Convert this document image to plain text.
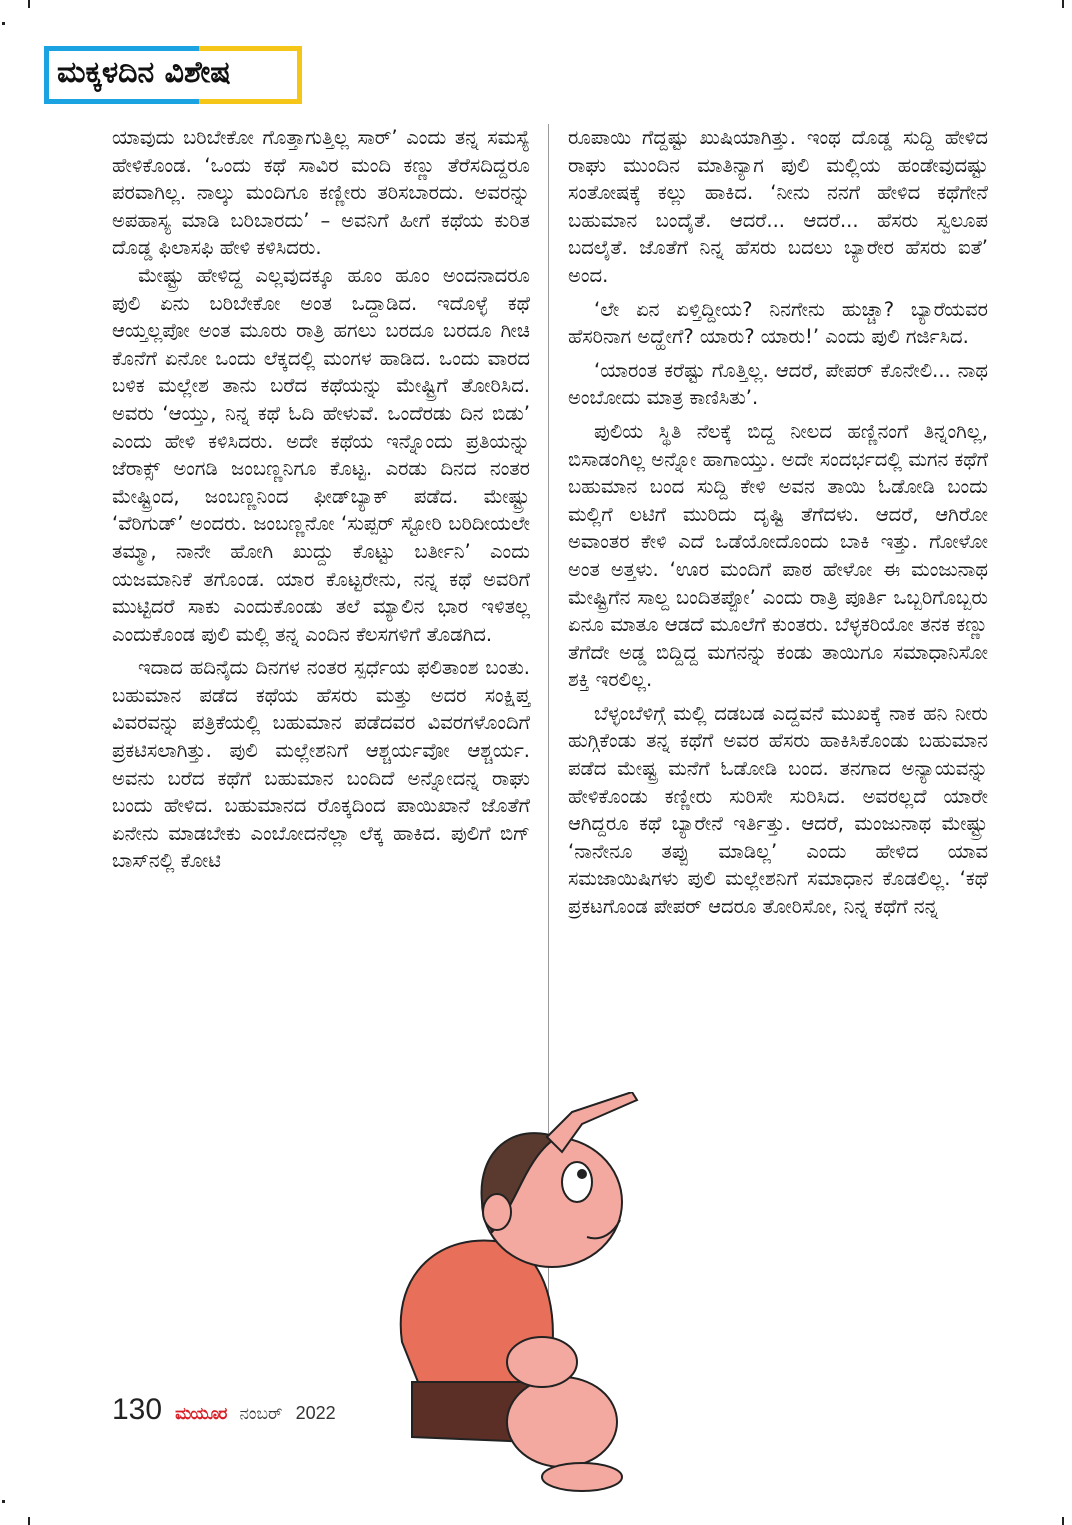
ಮಕ್ಕಳದಿನ ವಿಶೇಷ

ಯಾವುದು ಬರಿಬೇಕೋ ಗೊತ್ತಾಗುತ್ತಿಲ್ಲ ಸಾರ್’ ಎಂದು ತನ್ನ ಸಮಸ್ಯೆ ಹೇಳಿಕೊಂಡ. ‘ಒಂದು ಕಥೆ ಸಾವಿರ ಮಂದಿ ಕಣ್ಣು ತೆರೆಸದಿದ್ದರೂ ಪರವಾಗಿಲ್ಲ. ನಾಲ್ಕು ಮಂದಿಗೂ ಕಣ್ಣೀರು ತರಿಸಬಾರದು. ಅವರನ್ನು ಅಪಹಾಸ್ಯ ಮಾಡಿ ಬರಿಬಾರದು’ – ಅವನಿಗೆ ಹೀಗೆ ಕಥೆಯ ಕುರಿತ ದೊಡ್ಡ ಫಿಲಾಸಫಿ ಹೇಳಿ ಕಳಿಸಿದರು.

ಮೇಷ್ಟ್ರು ಹೇಳಿದ್ದ ಎಲ್ಲವುದಕ್ಕೂ ಹೂಂ ಹೂಂ ಅಂದನಾದರೂ ಪುಲಿ ಏನು ಬರಿಬೇಕೋ ಅಂತ ಒದ್ದಾಡಿದ. ಇದೊಳ್ಳೆ ಕಥೆ ಆಯ್ತಲ್ಲಪೋ ಅಂತ ಮೂರು ರಾತ್ರಿ ಹಗಲು ಬರದೂ ಬರದೂ ಗೀಚಿ ಕೊನೆಗೆ ಏನೋ ಒಂದು ಲೆಕ್ಕದಲ್ಲಿ ಮಂಗಳ ಹಾಡಿದ. ಒಂದು ವಾರದ ಬಳಿಕ ಮಲ್ಲೇಶ ತಾನು ಬರೆದ ಕಥೆಯನ್ನು ಮೇಷ್ಟ್ರಿಗೆ ತೋರಿಸಿದ. ಅವರು ‘ಆಯ್ತು, ನಿನ್ನ ಕಥೆ ಓದಿ ಹೇಳುವೆ. ಒಂದೆರಡು ದಿನ ಬಿಡು’ ಎಂದು ಹೇಳಿ ಕಳಿಸಿದರು. ಅದೇ ಕಥೆಯ ಇನ್ನೊಂದು ಪ್ರತಿಯನ್ನು ಜೆರಾಕ್ಸ್ ಅಂಗಡಿ ಜಂಬಣ್ಣನಿಗೂ ಕೊಟ್ಟ. ಎರಡು ದಿನದ ನಂತರ ಮೇಷ್ಟ್ರಿಂದ, ಜಂಬಣ್ಣನಿಂದ ಫೀಡ್‌ಬ್ಯಾಕ್ ಪಡೆದ. ಮೇಷ್ಟ್ರು ‘ವೆರಿಗುಡ್’ ಅಂದರು. ಜಂಬಣ್ಣನೋ ‘ಸುಪ್ಪರ್ ಸ್ಟೋರಿ ಬರಿದೀಯಲೇ ತಮ್ಮಾ, ನಾನೇ ಹೋಗಿ ಖುದ್ದು ಕೊಟ್ಟು ಬರ್ತೀನಿ’ ಎಂದು ಯಜಮಾನಿಕೆ ತಗೊಂಡ. ಯಾರ ಕೊಟ್ಟರೇನು, ನನ್ನ ಕಥೆ ಅವರಿಗೆ ಮುಟ್ಟಿದರೆ ಸಾಕು ಎಂದುಕೊಂಡು ತಲೆ ಮ್ಯಾಲಿನ ಭಾರ ಇಳಿತಲ್ಲ ಎಂದುಕೊಂಡ ಪುಲಿ ಮಲ್ಲಿ ತನ್ನ ಎಂದಿನ ಕೆಲಸಗಳಿಗೆ ತೊಡಗಿದ.

ಇದಾದ ಹದಿನೈದು ದಿನಗಳ ನಂತರ ಸ್ಪರ್ಧೆಯ ಫಲಿತಾಂಶ ಬಂತು. ಬಹುಮಾನ ಪಡೆದ ಕಥೆಯ ಹೆಸರು ಮತ್ತು ಅದರ ಸಂಕ್ಷಿಪ್ತ ವಿವರವನ್ನು ಪತ್ರಿಕೆಯಲ್ಲಿ ಬಹುಮಾನ ಪಡೆದವರ ವಿವರಗಳೊಂದಿಗೆ ಪ್ರಕಟಿಸಲಾಗಿತ್ತು. ಪುಲಿ ಮಲ್ಲೇಶನಿಗೆ ಆಶ್ಚರ್ಯವೋ ಆಶ್ಚರ್ಯ. ಅವನು ಬರೆದ ಕಥೆಗೆ ಬಹುಮಾನ ಬಂದಿದೆ ಅನ್ನೋದನ್ನ ರಾಘು ಬಂದು ಹೇಳಿದ. ಬಹುಮಾನದ ರೊಕ್ಕದಿಂದ ಪಾಯಿಖಾನೆ ಜೊತೆಗೆ ಏನೇನು ಮಾಡಬೇಕು ಎಂಬೋದನೆಲ್ಲಾ ಲೆಕ್ಕ ಹಾಕಿದ. ಪುಲಿಗೆ ಬಿಗ್ ಬಾಸ್‌ನಲ್ಲಿ ಕೋಟಿ

ರೂಪಾಯಿ ಗೆದ್ದಷ್ಟು ಖುಷಿಯಾಗಿತ್ತು. ಇಂಥ ದೊಡ್ಡ ಸುದ್ದಿ ಹೇಳಿದ ರಾಘು ಮುಂದಿನ ಮಾತಿನ್ಯಾಗ ಪುಲಿ ಮಲ್ಲಿಯ ಹಂಡೇವುದಷ್ಟು ಸಂತೋಷಕ್ಕೆ ಕಲ್ಲು ಹಾಕಿದ. ‘ನೀನು ನನಗೆ ಹೇಳಿದ ಕಥೆಗೇನೆ ಬಹುಮಾನ ಬಂದೈತೆ. ಆದರೆ... ಆದರೆ... ಹೆಸರು ಸ್ವಲೂಪ ಬದಲೈತೆ. ಜೊತೆಗೆ ನಿನ್ನ ಹೆಸರು ಬದಲು ಬ್ಯಾರೇರ ಹೆಸರು ಐತೆ’ ಅಂದ.

‘ಲೇ ಏನ ಏಳ್ತಿದ್ದೀಯ? ನಿನಗೇನು ಹುಚ್ಚಾ? ಬ್ಯಾರೆಯವರ ಹೆಸರಿನಾಗ ಅದ್ಹೇಗೆ? ಯಾರು? ಯಾರು!’ ಎಂದು ಪುಲಿ ಗರ್ಜಿಸಿದ.

‘ಯಾರಂತ ಕರೆಷ್ಟು ಗೊತ್ತಿಲ್ಲ. ಆದರೆ, ಪೇಪರ್ ಕೊನೇಲಿ... ನಾಥ ಅಂಬೋದು ಮಾತ್ರ ಕಾಣಿಸಿತು’.

ಪುಲಿಯ ಸ್ಥಿತಿ ನೆಲಕ್ಕೆ ಬಿದ್ದ ನೀಲದ ಹಣ್ಣಿನಂಗೆ ತಿನ್ನಂಗಿಲ್ಲ, ಬಿಸಾಡಂಗಿಲ್ಲ ಅನ್ನೋ ಹಾಗಾಯ್ತು. ಅದೇ ಸಂದರ್ಭದಲ್ಲಿ ಮಗನ ಕಥೆಗೆ ಬಹುಮಾನ ಬಂದ ಸುದ್ದಿ ಕೇಳಿ ಅವನ ತಾಯಿ ಓಡೋಡಿ ಬಂದು ಮಲ್ಲಿಗೆ ಲಟಿಗೆ ಮುರಿದು ದೃಷ್ಟಿ ತೆಗೆದಳು. ಆದರೆ, ಆಗಿರೋ ಅವಾಂತರ ಕೇಳಿ ಎದೆ ಒಡೆಯೋದೊಂದು ಬಾಕಿ ಇತ್ತು. ಗೋಳೋ ಅಂತ ಅತ್ತಳು. ‘ಊರ ಮಂದಿಗೆ ಪಾಠ ಹೇಳೋ ಈ ಮಂಜುನಾಥ ಮೇಷ್ಟ್ರಿಗೆನ ಸಾಲ್ದ ಬಂದಿತಪ್ಪೋ’ ಎಂದು ರಾತ್ರಿ ಪೂರ್ತಿ ಒಬ್ಬರಿಗೊಬ್ಬರು ಏನೂ ಮಾತೂ ಆಡದೆ ಮೂಲೆಗೆ ಕುಂತರು. ಬೆಳ್ಳಕರಿಯೋ ತನಕ ಕಣ್ಣು ತೆಗೆದೇ ಅಡ್ಡ ಬಿದ್ದಿದ್ದ ಮಗನನ್ನು ಕಂಡು ತಾಯಿಗೂ ಸಮಾಧಾನಿಸೋ ಶಕ್ತಿ ಇರಲಿಲ್ಲ.

ಬೆಳ್ಳಂಬೆಳಿಗ್ಗೆ ಮಲ್ಲಿ ದಡಬಡ ಎದ್ದವನೆ ಮುಖಕ್ಕೆ ನಾಕ ಹನಿ ನೀರು ಹುಗ್ಗಿಕೆಂಡು ತನ್ನ ಕಥೆಗೆ ಅವರ ಹೆಸರು ಹಾಕಿಸಿಕೊಂಡು ಬಹುಮಾನ ಪಡೆದ ಮೇಷ್ಟ್ರ ಮನೆಗೆ ಓಡೋಡಿ ಬಂದ. ತನಗಾದ ಅನ್ಯಾಯವನ್ನು ಹೇಳಿಕೊಂಡು ಕಣ್ಣೀರು ಸುರಿಸೇ ಸುರಿಸಿದ. ಅವರಲ್ಲದೆ ಯಾರೇ ಆಗಿದ್ದರೂ ಕಥೆ ಬ್ಯಾರೇನೆ ಇರ್ತಿತ್ತು. ಆದರೆ, ಮಂಜುನಾಥ ಮೇಷ್ಟ್ರು ‘ನಾನೇನೂ ತಪ್ಪು ಮಾಡಿಲ್ಲ’ ಎಂದು ಹೇಳಿದ ಯಾವ ಸಮಜಾಯಿಷಿಗಳು ಪುಲಿ ಮಲ್ಲೇಶನಿಗೆ ಸಮಾಧಾನ ಕೊಡಲಿಲ್ಲ. ‘ಕಥೆ ಪ್ರಕಟಗೊಂಡ ಪೇಪರ್ ಆದರೂ ತೋರಿಸೋ, ನಿನ್ನ ಕಥೆಗೆ ನನ್ನ

130 ಮಯೂರ ನಂಬರ್ 2022
